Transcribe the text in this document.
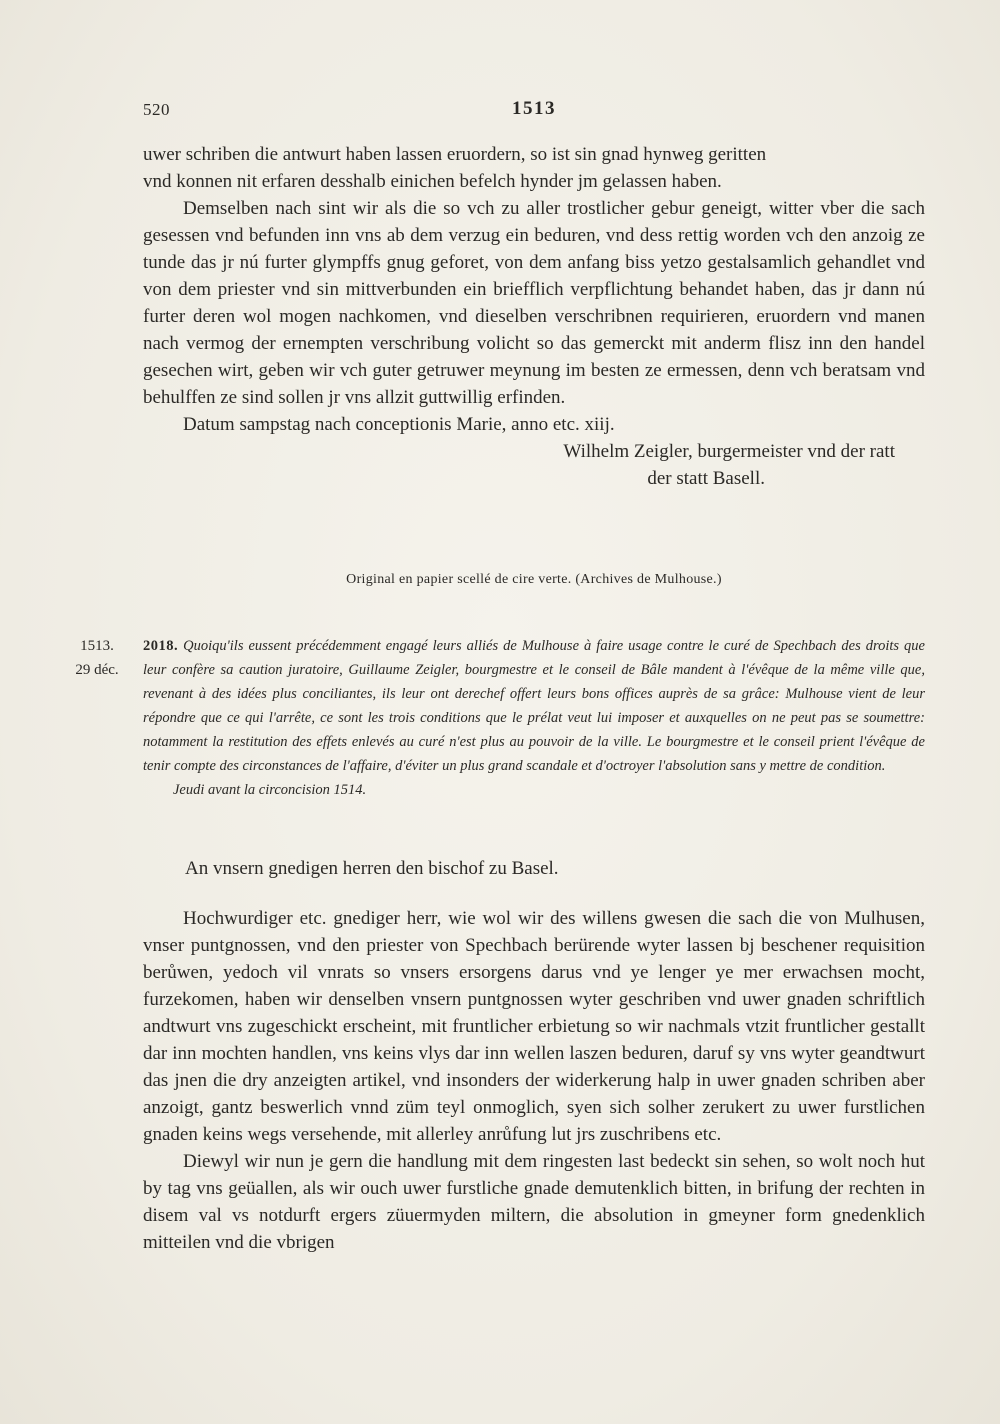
520	1513

uwer schriben die antwurt haben lassen eruordern, so ist sin gnad hynweg geritten

vnd konnen nit erfaren desshalb einichen befelch hynder jm gelassen haben.

Demselben nach sint wir als die so vch zu aller trostlicher gebur geneigt, witter vber die sach gesessen vnd befunden inn vns ab dem verzug ein beduren, vnd dess rettig worden vch den anzoig ze tunde das jr nú furter glympffs gnug geforet, von dem anfang biss yetzo gestalsamlich gehandlet vnd von dem priester vnd sin mittverbunden ein briefflich verpflichtung behandet haben, das jr dann nú furter deren wol mogen nachkomen, vnd dieselben verschribnen requirieren, eruordern vnd manen nach vermog der ernempten verschribung volicht so das gemerckt mit anderm flisz inn den handel gesechen wirt, geben wir vch guter getruwer meynung im besten ze ermessen, denn vch beratsam vnd behulffen ze sind sollen jr vns allzit guttwillig erfinden.

Datum sampstag nach conceptionis Marie, anno etc. xiij.

Wilhelm Zeigler, burgermeister vnd der ratt

der statt Basell.

Original en papier scellé de cire verte. (Archives de Mulhouse.)
1513.
29 déc.

2018. Quoiqu'ils eussent précédemment engagé leurs alliés de Mulhouse à faire usage contre le curé de Spechbach des droits que leur confère sa caution juratoire, Guillaume Zeigler, bourgmestre et le conseil de Bâle mandent à l'évêque de la même ville que, revenant à des idées plus conciliantes, ils leur ont derechef offert leurs bons offices auprès de sa grâce: Mulhouse vient de leur répondre que ce qui l'arrête, ce sont les trois conditions que le prélat veut lui imposer et auxquelles on ne peut pas se soumettre: notamment la restitution des effets enlevés au curé n'est plus au pouvoir de la ville. Le bourgmestre et le conseil prient l'évêque de tenir compte des circonstances de l'affaire, d'éviter un plus grand scandale et d'octroyer l'absolution sans y mettre de condition.

Jeudi avant la circoncision 1514.

An vnsern gnedigen herren den bischof zu Basel.

Hochwurdiger etc. gnediger herr, wie wol wir des willens gwesen die sach die von Mulhusen, vnser puntgnossen, vnd den priester von Spechbach berürende wyter lassen bj beschener requisition berůwen, yedoch vil vnrats so vnsers ersorgens darus vnd ye lenger ye mer erwachsen mocht, furzekomen, haben wir denselben vnsern puntgnossen wyter geschriben vnd uwer gnaden schriftlich andtwurt vns zugeschickt erscheint, mit fruntlicher erbietung so wir nachmals vtzit fruntlicher gestallt dar inn mochten handlen, vns keins vlys dar inn wellen laszen beduren, daruf sy vns wyter geandtwurt das jnen die dry anzeigten artikel, vnd insonders der widerkerung halp in uwer gnaden schriben aber anzoigt, gantz beswerlich vnnd züm teyl onmoglich, syen sich solher zerukert zu uwer furstlichen gnaden keins wegs versehende, mit allerley anrůfung lut jrs zuschribens etc.

Diewyl wir nun je gern die handlung mit dem ringesten last bedeckt sin sehen, so wolt noch hut by tag vns geüallen, als wir ouch uwer furstliche gnade demutenklich bitten, in brifung der rechten in disem val vs notdurft ergers züuermyden miltern, die absolution in gmeyner form gnedenklich mitteilen vnd die vbrigen
